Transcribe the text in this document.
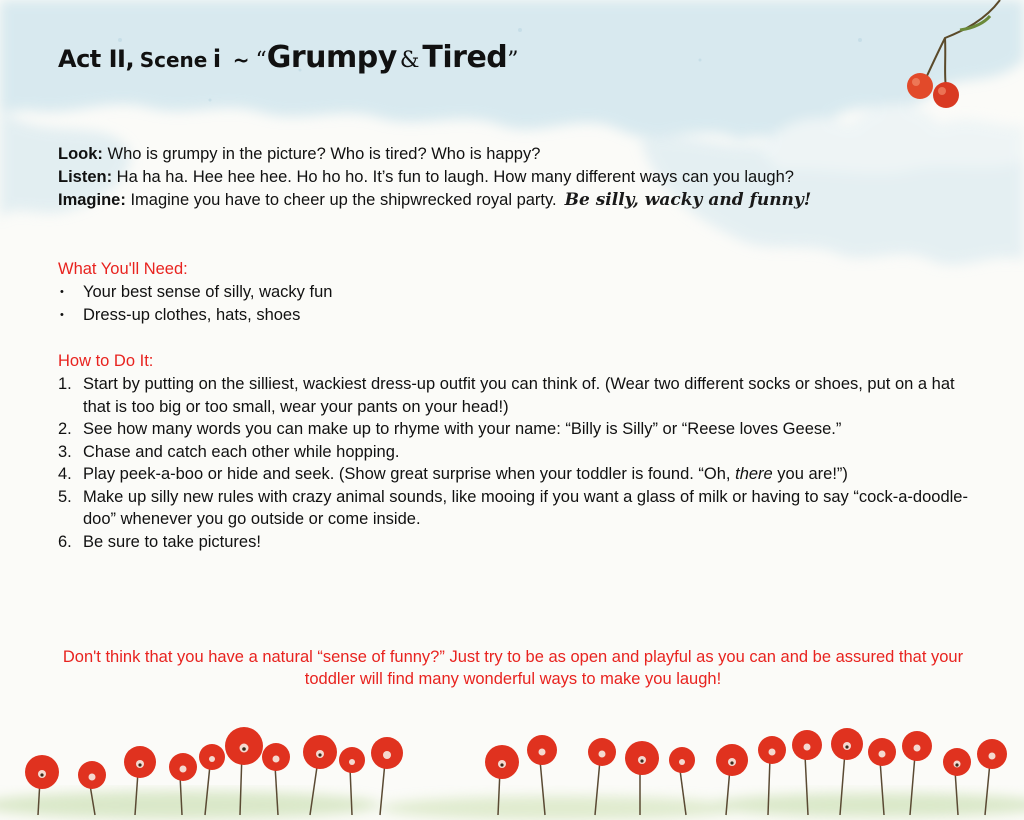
Act II, Scene i ~ “Grumpy & Tired”

Look: Who is grumpy in the picture? Who is tired? Who is happy?

Listen: Ha ha ha. Hee hee hee. Ho ho ho. It’s fun to laugh. How many different ways can you laugh?

Imagine: Imagine you have to cheer up the shipwrecked royal party. Be silly, wacky and funny!

What You'll Need:

• Your best sense of silly, wacky fun
• Dress-up clothes, hats, shoes

How to Do It:

1. Start by putting on the silliest, wackiest dress-up outfit you can think of. (Wear two different socks or shoes, put on a hat that is too big or too small, wear your pants on your head!)
2. See how many words you can make up to rhyme with your name: “Billy is Silly” or “Reese loves Geese.”
3. Chase and catch each other while hopping.
4. Play peek-a-boo or hide and seek. (Show great surprise when your toddler is found. “Oh, there you are!”)
5. Make up silly new rules with crazy animal sounds, like mooing if you want a glass of milk or having to say “cock-a-doodle-doo” whenever you go outside or come inside.
6. Be sure to take pictures!
Don't think that you have a natural “sense of funny?” Just try to be as open and playful as you can and be assured that your toddler will find many wonderful ways to make you laugh!
